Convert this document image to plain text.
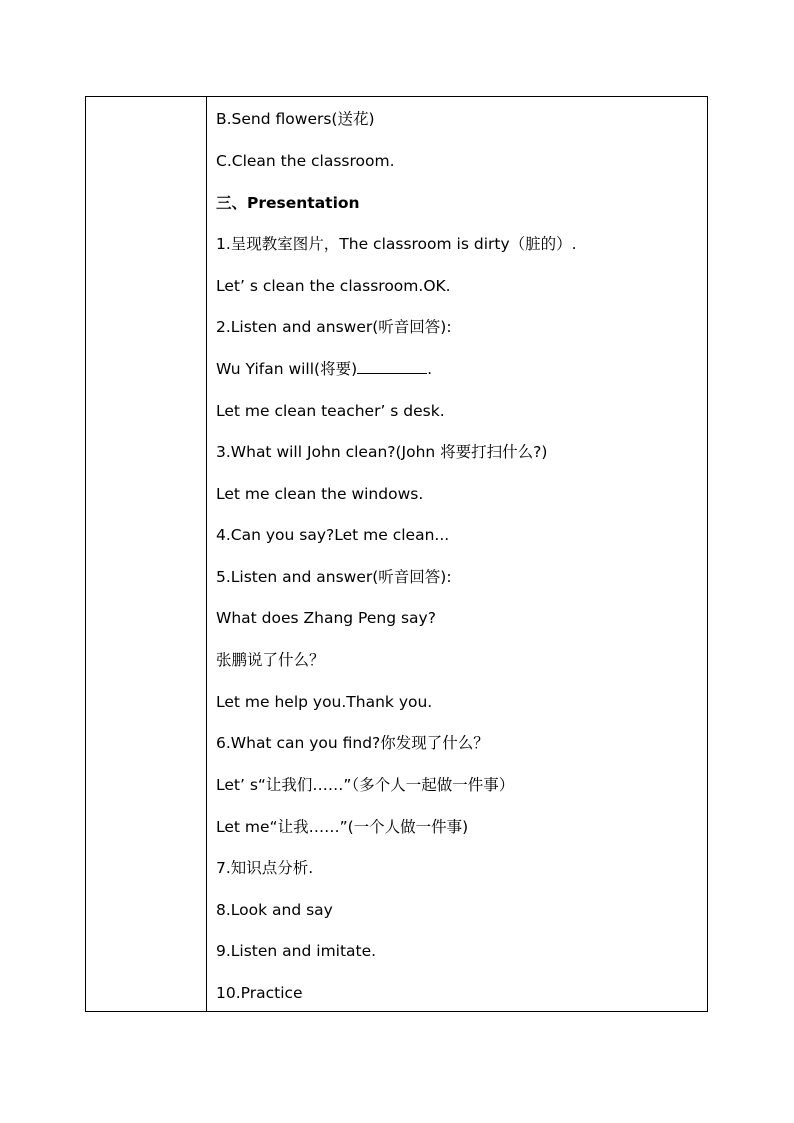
B.Send flowers(送花)
C.Clean the classroom.
三、Presentation
1.呈现教室图片，The classroom is dirty（脏的）.
Let’ s clean the classroom.OK.
2.Listen and answer(听音回答):
Wu Yifan will(将要)	.
Let me clean teacher’ s desk.
3.What will John clean?(John 将要打扫什么?)
Let me clean the windows.
4.Can you say?Let me clean...
5.Listen and answer(听音回答):
What does Zhang Peng say?
张鹏说了什么？
Let me help you.Thank you.
6.What can you find?你发现了什么？
Let’ s“让我们……”（多个人一起做一件事）
Let me“让我……”(一个人做一件事)
7.知识点分析.
8.Look and say
9.Listen and imitate.
10.Practice
